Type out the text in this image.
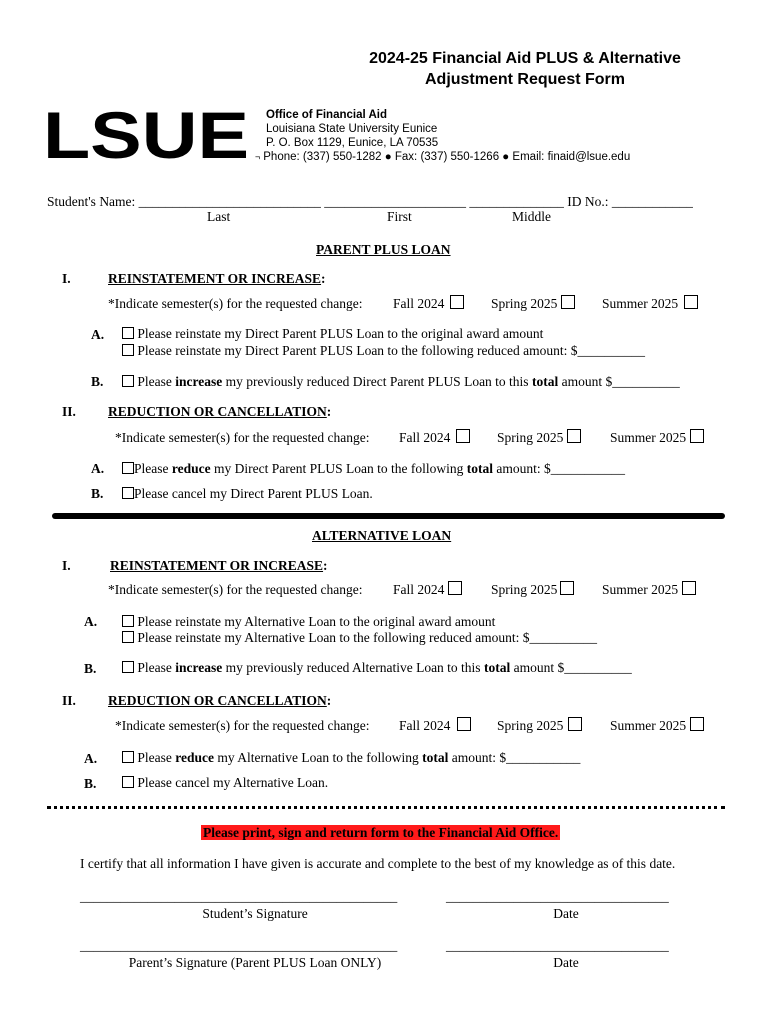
2024-25 Financial Aid PLUS & Alternative
Adjustment Request Form
LSUE Office of Financial Aid
Louisiana State University Eunice
P. O. Box 1129, Eunice, LA 70535
¬ Phone: (337) 550-1282 ● Fax: (337) 550-1266 ● Email: finaid@lsue.edu
Student's Name: ___________________________ _____________________ ______________ ID No.: ____________
Last	First	Middle
PARENT PLUS LOAN
I.	REINSTATEMENT OR INCREASE:
*Indicate semester(s) for the requested change: Fall 2024	Spring 2025	Summer 2025
A.	Please reinstate my Direct Parent PLUS Loan to the original award amount
Please reinstate my Direct Parent PLUS Loan to the following reduced amount: $__________
B.	Please increase my previously reduced Direct Parent PLUS Loan to this total amount $__________
II. REDUCTION OR CANCELLATION:
*Indicate semester(s) for the requested change: Fall 2024	Spring 2025	Summer 2025
A.	Please reduce my Direct Parent PLUS Loan to the following total amount: $___________
B.	Please cancel my Direct Parent PLUS Loan.
ALTERNATIVE LOAN
I.	REINSTATEMENT OR INCREASE:
*Indicate semester(s) for the requested change: Fall 2024	Spring 2025	Summer 2025
A.	Please reinstate my Alternative Loan to the original award amount
Please reinstate my Alternative Loan to the following reduced amount: $__________
B.	Please increase my previously reduced Alternative Loan to this total amount $__________
II. REDUCTION OR CANCELLATION:
*Indicate semester(s) for the requested change: Fall 2024	Spring 2025	Summer 2025
A.	Please reduce my Alternative Loan to the following total amount: $___________
B.	Please cancel my Alternative Loan.
Please print, sign and return form to the Financial Aid Office.
I certify that all information I have given is accurate and complete to the best of my knowledge as of this date.
_______________________________________________	_________________________________
Student’s Signature	Date
_______________________________________________	_________________________________
Parent’s Signature (Parent PLUS Loan ONLY)	Date
